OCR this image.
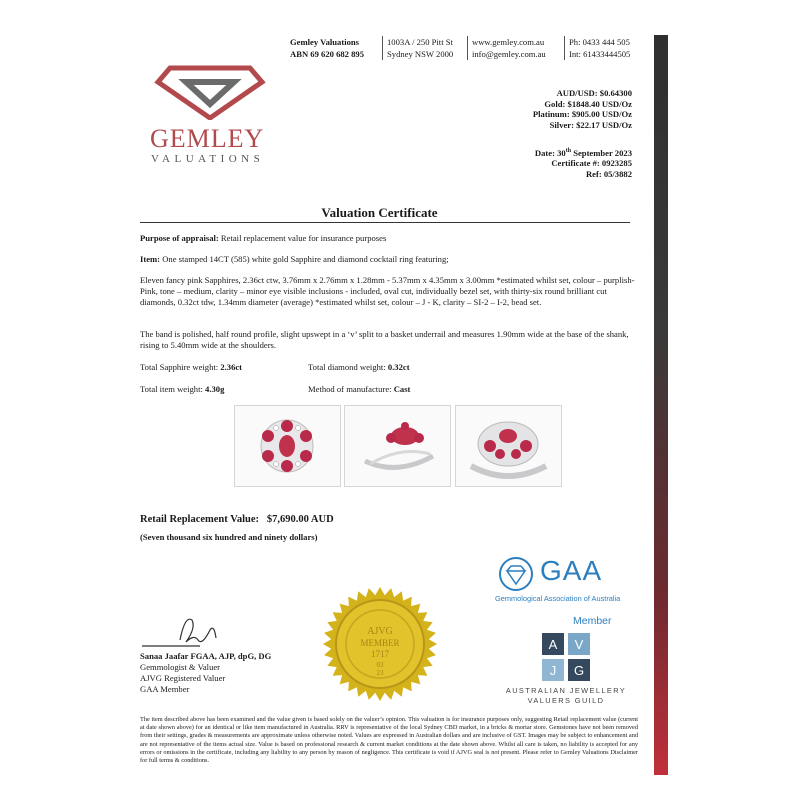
Gemley Valuations
ABN 69 620 682 895
1003A / 250 Pitt St
Sydney NSW 2000
www.gemley.com.au
info@gemley.com.au
Ph: 0433 444 505
Int: 61433444505
GEMLEY
VALUATIONS
AUD/USD: $0.64300
Gold: $1848.40 USD/Oz
Platinum: $905.00 USD/Oz
Silver: $22.17 USD/Oz
Date: 30th September 2023
Certificate #: 0923285
Ref: 05/3882
Valuation Certificate
Purpose of appraisal: Retail replacement value for insurance purposes
Item: One stamped 14CT (585) white gold Sapphire and diamond cocktail ring featuring;
Eleven fancy pink Sapphires, 2.36ct ctw, 3.76mm x 2.76mm x 1.28mm - 5.37mm x 4.35mm x 3.00mm *estimated whilst set, colour – purplish-Pink, tone – medium, clarity – minor eye visible inclusions - included, oval cut, individually bezel set, with thirty-six round brilliant cut diamonds, 0.32ct tdw, 1.34mm diameter (average) *estimated whilst set, colour – J - K, clarity – SI-2 – I-2, bead set.
The band is polished, half round profile, slight upswept in a ‘v’ split to a basket underrail and measures 1.90mm wide at the base of the shank, rising to 5.40mm wide at the shoulders.
Total Sapphire weight: 2.36ct	Total diamond weight: 0.32ct
Total item weight: 4.30g	Method of manufacture: Cast
Retail Replacement Value: $7,690.00 AUD
(Seven thousand six hundred and ninety dollars)
Sanaa Jaafar FGAA, AJP, dpG, DG
Gemmologist & Valuer
AJVG Registered Valuer
GAA Member
AJVG
MEMBER
1717
03
23
GAA
Gemmological Association of Australia
Member
A V
J G
AUSTRALIAN JEWELLERY
VALUERS GUILD
The item described above has been examined and the value given is based solely on the valuer’s opinion. This valuation is for insurance purposes only, suggesting Retail replacement value (current at date shown above) for an identical or like item manufactured in Australia. RRV is representative of the local Sydney CBD market, in a bricks & mortar store. Gemstones have not been removed from their settings, grades & measurements are approximate unless otherwise noted. Values are expressed in Australian dollars and are inclusive of GST. Images may be subject to enhancement and are not representative of the items actual size. Value is based on professional research & current market conditions at the date shown above. Whilst all care is taken, no liability is accepted for any errors or omissions in the certificate, including any liability to any person by reason of negligence. This certificate is void if AJVG seal is not present. Please refer to Gemley Valuations Disclaimer for full terms & conditions.
